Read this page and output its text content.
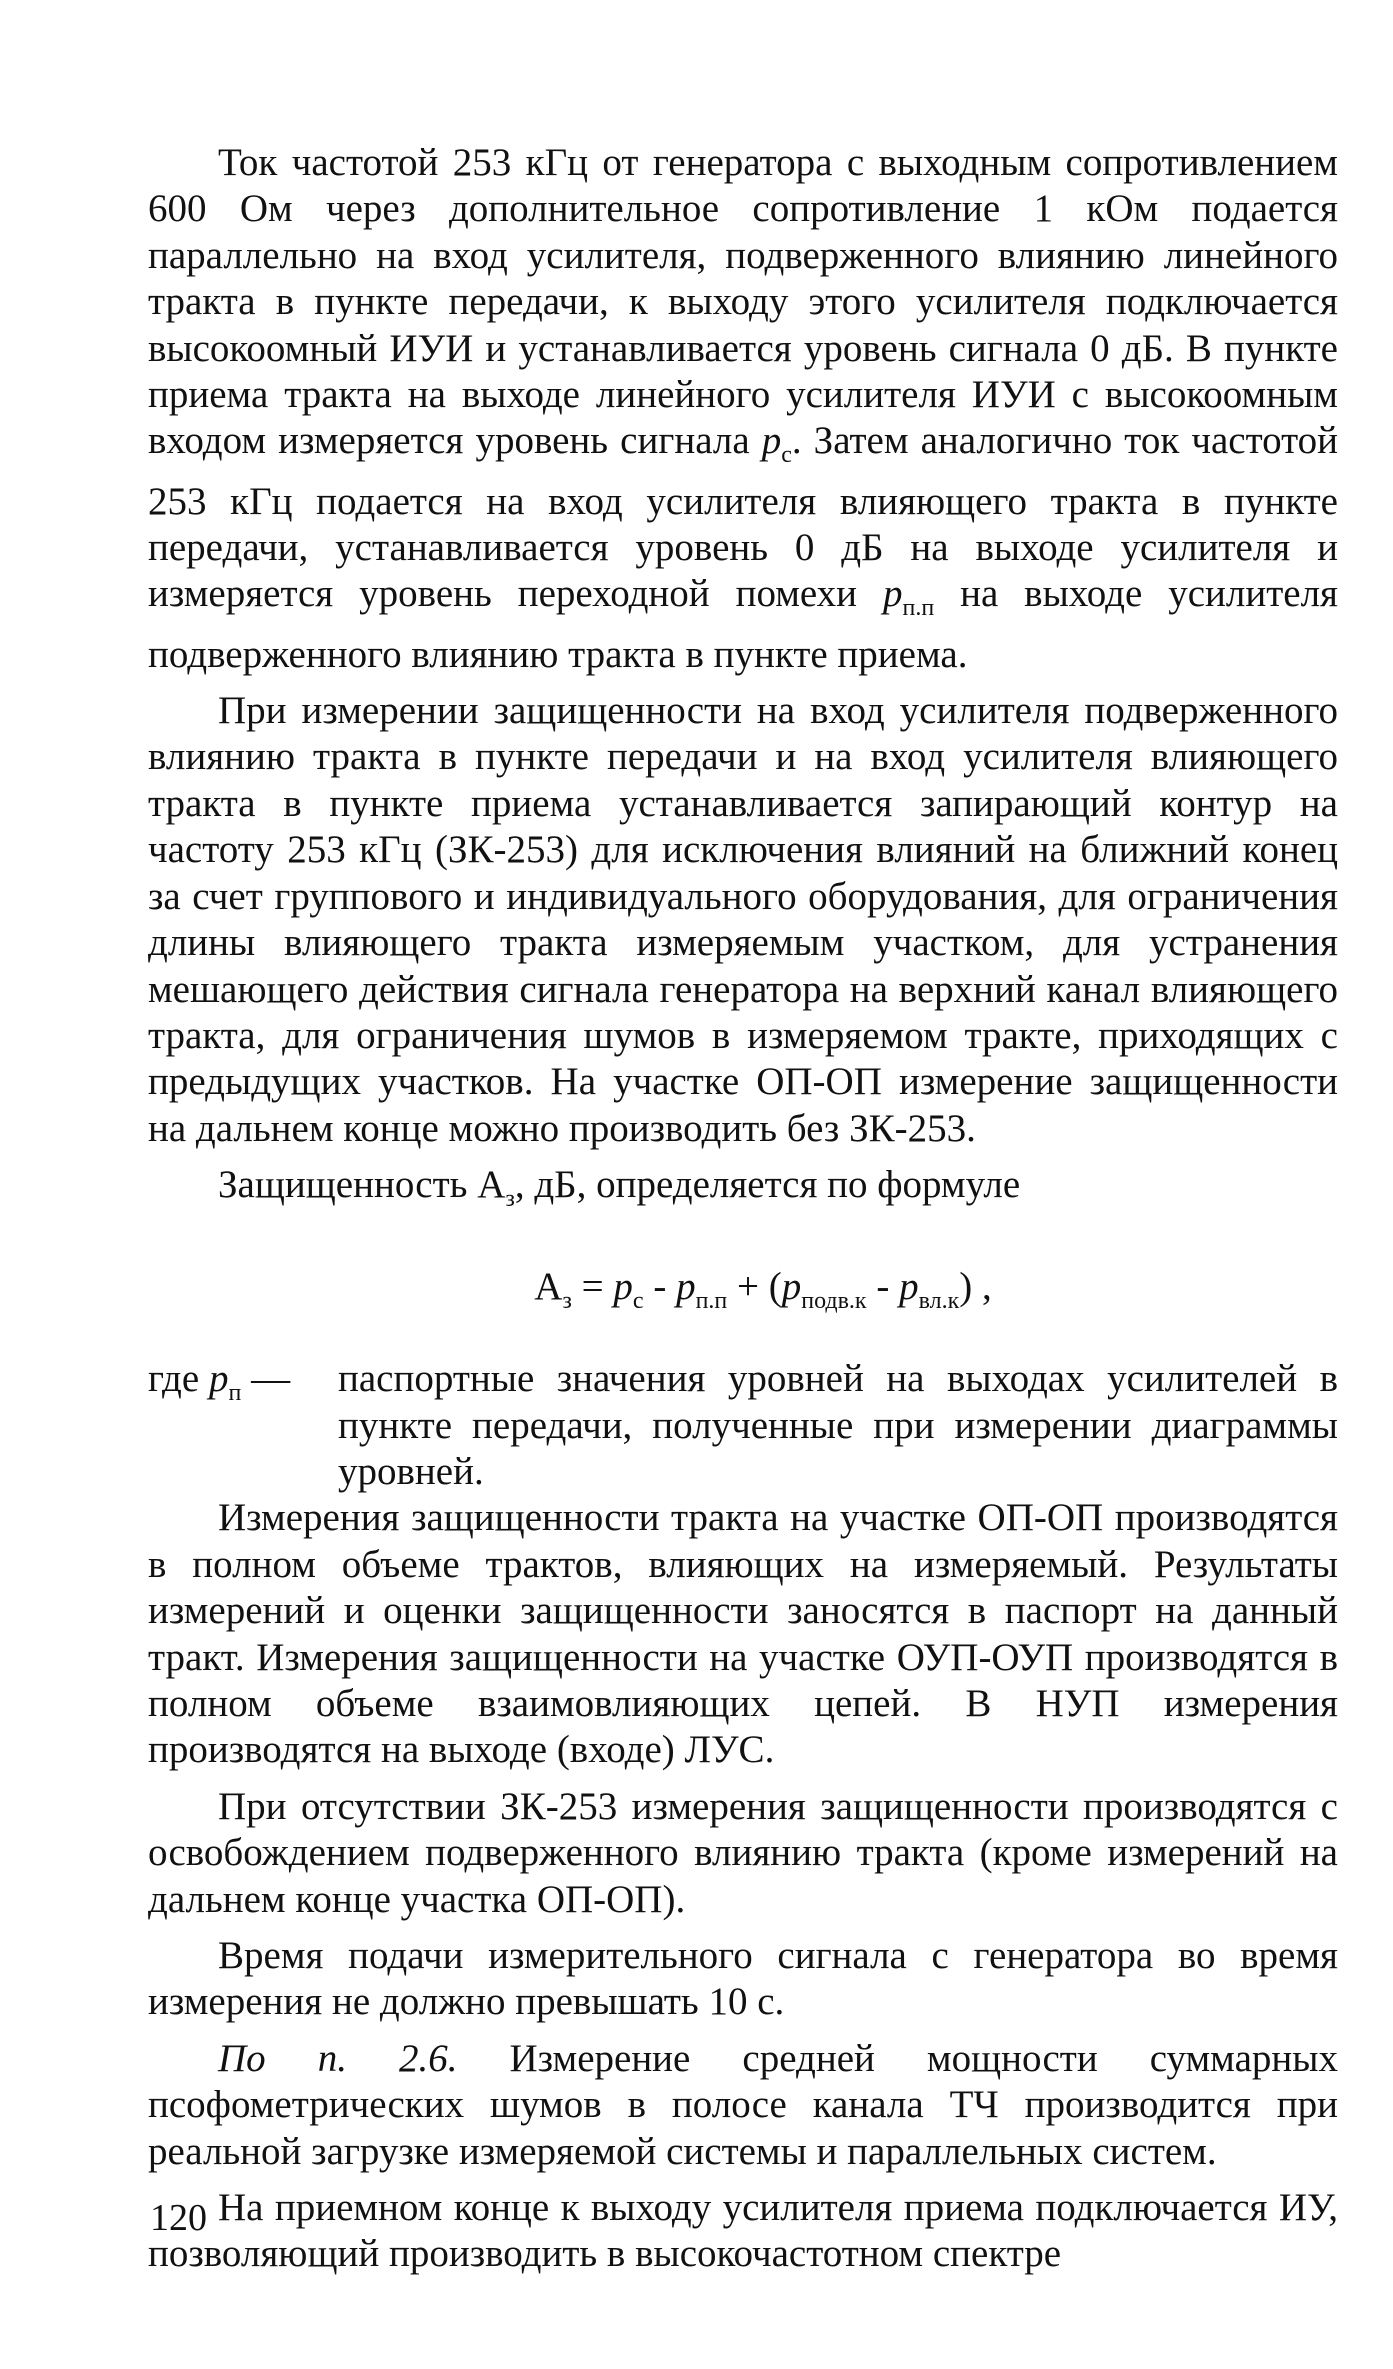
Ток частотой 253 кГц от генератора с выходным сопротивлением 600 Ом через дополнительное сопротивление 1 кОм подается параллельно на вход усилителя, подверженного влиянию линейного тракта в пункте передачи, к выходу этого усилителя подключается высокоомный ИУИ и устанавливается уровень сигнала 0 дБ. В пункте приема тракта на выходе линейного усилителя ИУИ с высокоомным входом измеряется уровень сигнала $p_с$. Затем аналогично ток частотой 253 кГц подается на вход усилителя влияющего тракта в пункте передачи, устанавливается уровень 0 дБ на выходе усилителя и измеряется уровень переходной помехи $p_{п.п}$ на выходе усилителя подверженного влиянию тракта в пункте приема.

При измерении защищенности на вход усилителя подверженного влиянию тракта в пункте передачи и на вход усилителя влияющего тракта в пункте приема устанавливается запирающий контур на частоту 253 кГц (ЗК-253) для исключения влияний на ближний конец за счет группового и индивидуального оборудования, для ограничения длины влияющего тракта измеряемым участком, для устранения мешающего действия сигнала генератора на верхний канал влияющего тракта, для ограничения шумов в измеряемом тракте, приходящих с предыдущих участков. На участке ОП-ОП измерение защищенности на дальнем конце можно производить без ЗК-253.

Защищенность $А_з$, дБ, определяется по формуле

$А_з = p_с - p_{п.п} + (p_{подв.к} - p_{вл.к})$ ,
где $p_п$ —	паспортные значения уровней на выходах усилителей в пункте передачи, полученные при измерении диаграммы уровней.

Измерения защищенности тракта на участке ОП-ОП производятся в полном объеме трактов, влияющих на измеряемый. Результаты измерений и оценки защищенности заносятся в паспорт на данный тракт. Измерения защищенности на участке ОУП-ОУП производятся в полном объеме взаимовлияющих цепей. В НУП измерения производятся на выходе (входе) ЛУС.

При отсутствии ЗК-253 измерения защищенности производятся с освобождением подверженного влиянию тракта (кроме измерений на дальнем конце участка ОП-ОП).

Время подачи измерительного сигнала с генератора во время измерения не должно превышать 10 с.

По п. 2.6. Измерение средней мощности суммарных псофометрических шумов в полосе канала ТЧ производится при реальной загрузке измеряемой системы и параллельных систем.

На приемном конце к выходу усилителя приема подключается ИУ, позволяющий производить в высокочастотном спектре

120
